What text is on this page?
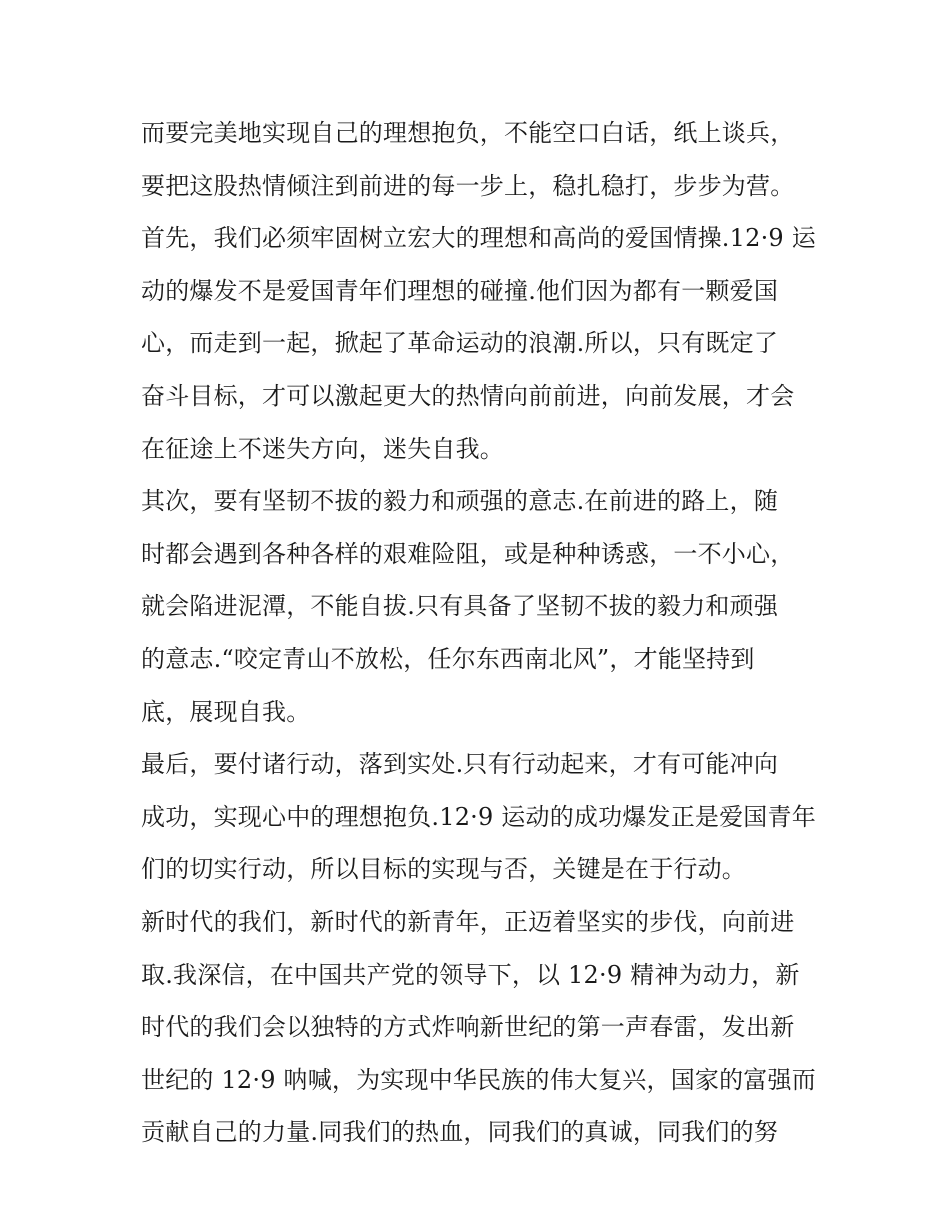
而要完美地实现自己的理想抱负，不能空口白话，纸上谈兵，
要把这股热情倾注到前进的每一步上，稳扎稳打，步步为营。
首先，我们必须牢固树立宏大的理想和高尚的爱国情操.12·9 运
动的爆发不是爱国青年们理想的碰撞.他们因为都有一颗爱国
心，而走到一起，掀起了革命运动的浪潮.所以，只有既定了
奋斗目标，才可以激起更大的热情向前前进，向前发展，才会
在征途上不迷失方向，迷失自我。
其次，要有坚韧不拔的毅力和顽强的意志.在前进的路上，随
时都会遇到各种各样的艰难险阻，或是种种诱惑，一不小心，
就会陷进泥潭，不能自拔.只有具备了坚韧不拔的毅力和顽强
的意志.“咬定青山不放松，任尔东西南北风”，才能坚持到
底，展现自我。
最后，要付诸行动，落到实处.只有行动起来，才有可能冲向
成功，实现心中的理想抱负.12·9 运动的成功爆发正是爱国青年
们的切实行动，所以目标的实现与否，关键是在于行动。
新时代的我们，新时代的新青年，正迈着坚实的步伐，向前进
取.我深信，在中国共产党的领导下，以 12·9 精神为动力，新
时代的我们会以独特的方式炸响新世纪的第一声春雷，发出新
世纪的 12·9 呐喊，为实现中华民族的伟大复兴，国家的富强而
贡献自己的力量.同我们的热血，同我们的真诚，同我们的努
